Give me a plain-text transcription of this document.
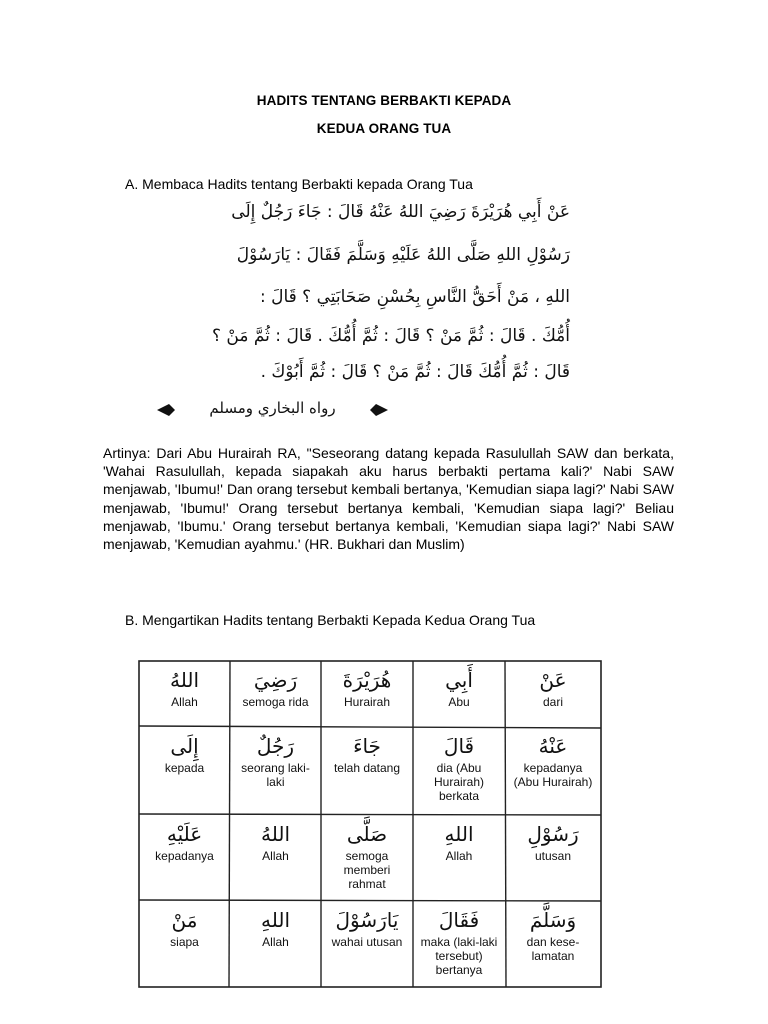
HADITS TENTANG BERBAKTI KEPADA
KEDUA ORANG TUA
A. Membaca Hadits tentang Berbakti kepada Orang Tua
عَنْ أَبِي هُرَيْرَةَ رَضِيَ اللهُ عَنْهُ قَالَ : جَاءَ رَجُلٌ إِلَى
رَسُوْلِ اللهِ صَلَّى اللهُ عَلَيْهِ وَسَلَّمَ فَقَالَ : يَارَسُوْلَ
اللهِ ، مَنْ أَحَقُّ النَّاسِ بِحُسْنِ صَحَابَتِي ؟ قَالَ :
أُمُّكَ . قَالَ : ثُمَّ مَنْ ؟ قَالَ : ثُمَّ أُمُّكَ . قَالَ : ثُمَّ مَنْ ؟
قَالَ : ثُمَّ أُمُّكَ قَالَ : ثُمَّ مَنْ ؟ قَالَ : ثُمَّ أَبُوْكَ .
رواه البخاري ومسلم
Artinya: Dari Abu Hurairah RA, "Seseorang datang kepada Rasulullah SAW dan berkata, 'Wahai Rasulullah, kepada siapakah aku harus berbakti pertama kali?' Nabi SAW menjawab, 'Ibumu!' Dan orang tersebut kembali bertanya, 'Kemudian siapa lagi?' Nabi SAW menjawab, 'Ibumu!' Orang tersebut bertanya kembali, 'Kemudian siapa lagi?' Beliau menjawab, 'Ibumu.' Orang tersebut bertanya kembali, 'Kemudian siapa lagi?' Nabi SAW menjawab, 'Kemudian ayahmu.' (HR. Bukhari dan Muslim)
B. Mengartikan Hadits tentang Berbakti Kepada Kedua Orang Tua
اللهُ
Allah
رَضِيَ
semoga rida
هُرَيْرَةَ
Hurairah
أَبِي
Abu
عَنْ
dari
إِلَى
kepada
رَجُلٌ
seorang laki-laki
جَاءَ
telah datang
قَالَ
dia (Abu Hurairah) berkata
عَنْهُ
kepadanya (Abu Hurairah)
عَلَيْهِ
kepadanya
اللهُ
Allah
صَلَّى
semoga memberi rahmat
اللهِ
Allah
رَسُوْلِ
utusan
مَنْ
siapa
اللهِ
Allah
يَارَسُوْلَ
wahai utusan
فَقَالَ
maka (laki-laki tersebut) bertanya
وَسَلَّمَ
dan kese-lamatan
